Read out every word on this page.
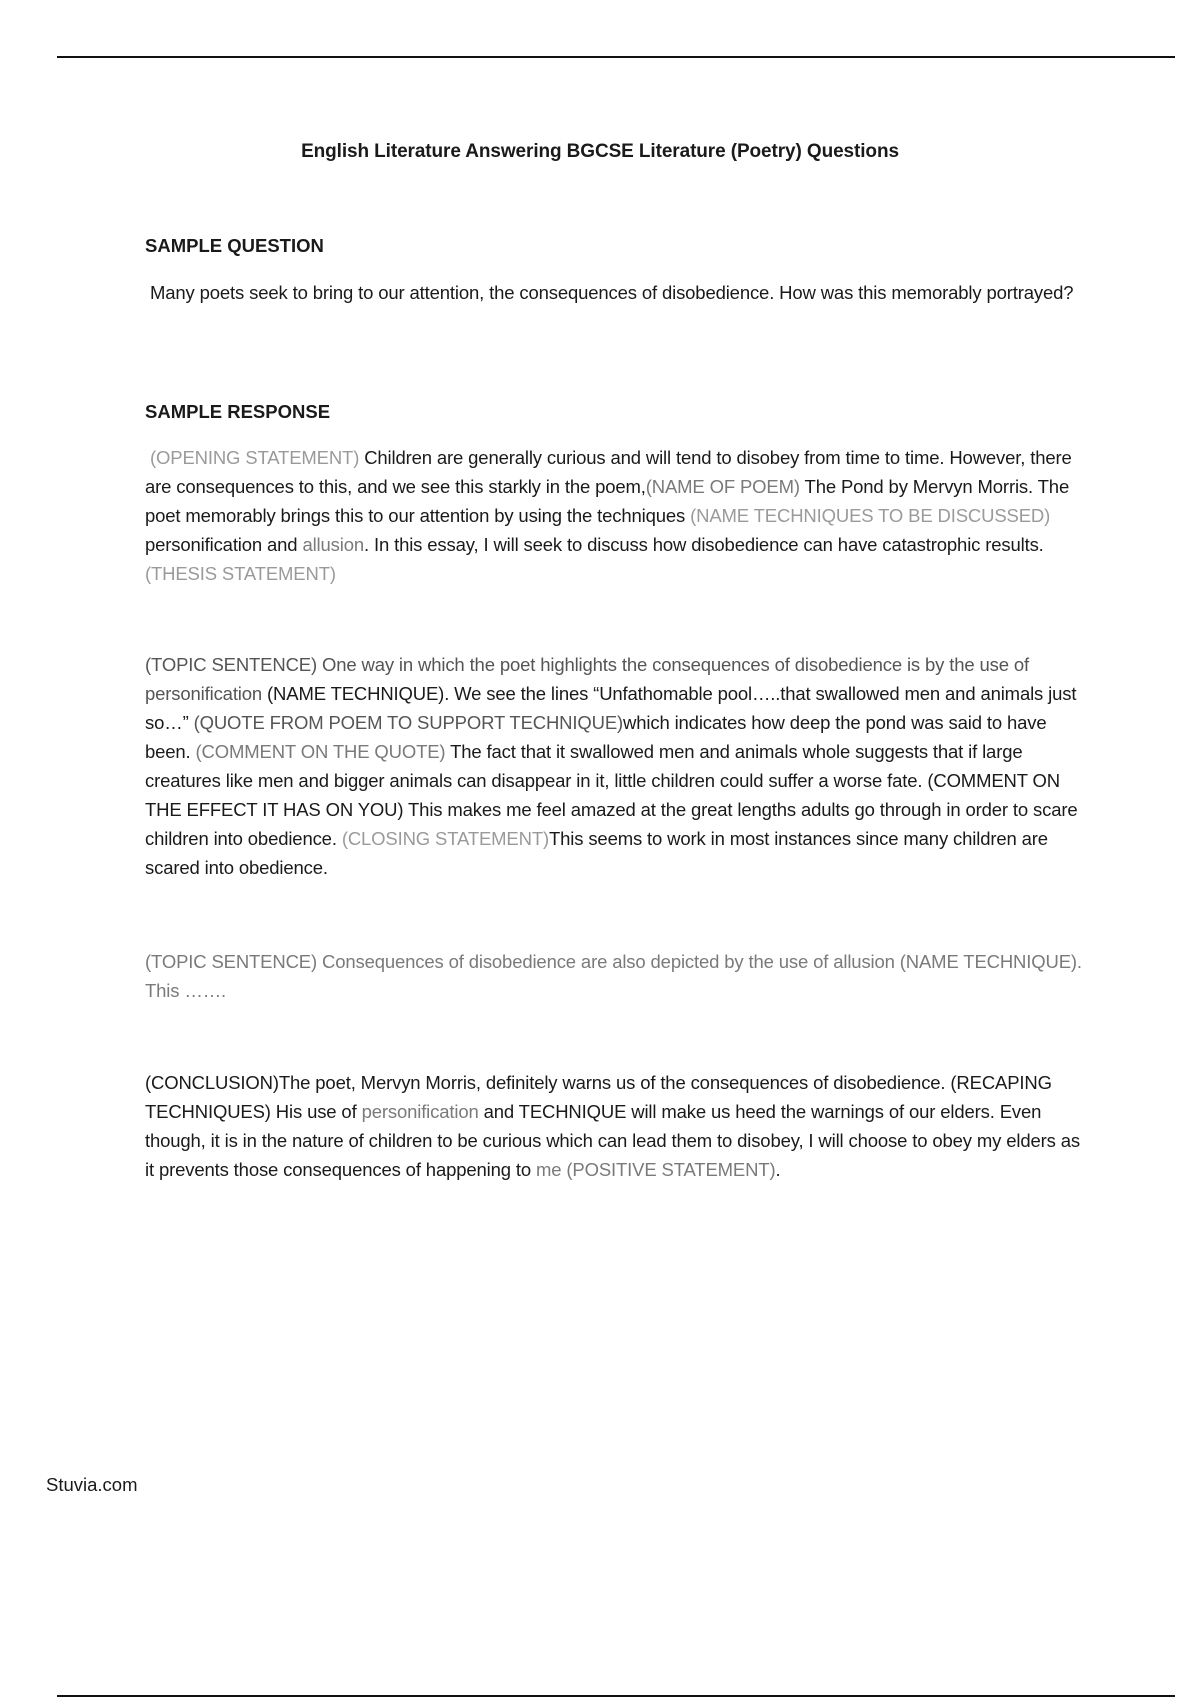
English Literature Answering BGCSE Literature (Poetry) Questions
SAMPLE QUESTION
Many poets seek to bring to our attention, the consequences of disobedience. How was this memorably portrayed?
SAMPLE RESPONSE
(OPENING STATEMENT) Children are generally curious and will tend to disobey from time to time. However, there are consequences to this, and we see this starkly in the poem,(NAME OF POEM) The Pond by Mervyn Morris. The poet memorably brings this to our attention by using the techniques (NAME TECHNIQUES TO BE DISCUSSED) personification and allusion. In this essay, I will seek to discuss how disobedience can have catastrophic results.(THESIS STATEMENT)
(TOPIC SENTENCE) One way in which the poet highlights the consequences of disobedience is by the use of personification (NAME TECHNIQUE). We see the lines “Unfathomable pool…..that swallowed men and animals just so…” (QUOTE FROM POEM TO SUPPORT TECHNIQUE)which indicates how deep the pond was said to have been. (COMMENT ON THE QUOTE) The fact that it swallowed men and animals whole suggests that if large creatures like men and bigger animals can disappear in it, little children could suffer a worse fate. (COMMENT ON THE EFFECT IT HAS ON YOU) This makes me feel amazed at the great lengths adults go through in order to scare children into obedience. (CLOSING STATEMENT)This seems to work in most instances since many children are scared into obedience.
(TOPIC SENTENCE) Consequences of disobedience are also depicted by the use of allusion (NAME TECHNIQUE). This …….
(CONCLUSION)The poet, Mervyn Morris, definitely warns us of the consequences of disobedience. (RECAPING TECHNIQUES) His use of personification and TECHNIQUE will make us heed the warnings of our elders. Even though, it is in the nature of children to be curious which can lead them to disobey, I will choose to obey my elders as it prevents those consequences of happening to me (POSITIVE STATEMENT).
Stuvia.com
